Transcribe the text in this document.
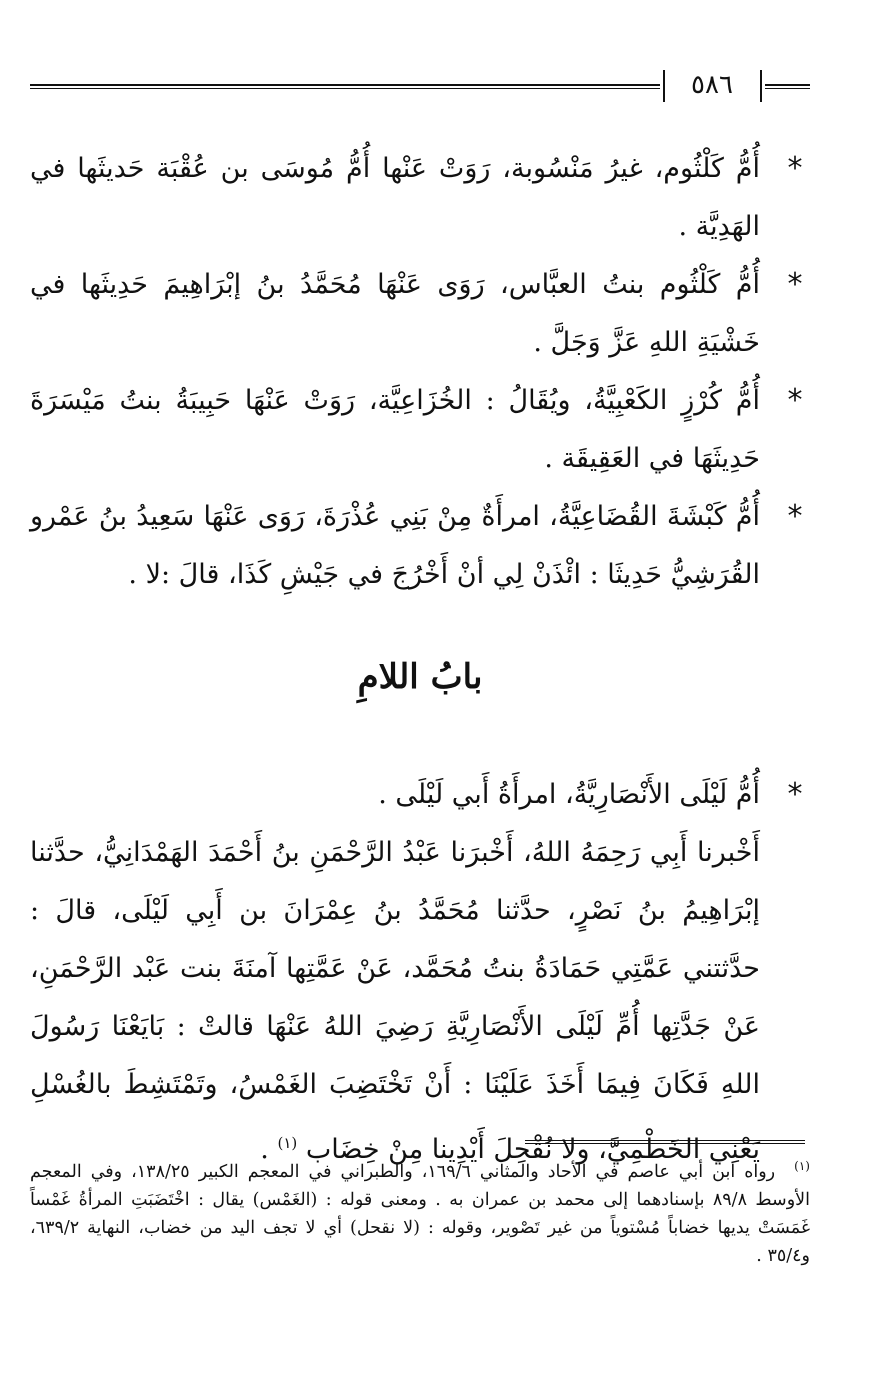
٥٨٦

*
أُمُّ كَلْثُوم، غيرُ مَنْسُوبة، رَوَتْ عَنْها أُمُّ مُوسَى بن عُقْبَة حَديثَها في الهَدِيَّة .

*
أُمُّ كَلْثُوم بنتُ العبَّاس، رَوَى عَنْهَا مُحَمَّدُ بنُ إبْرَاهِيمَ حَدِيثَها في خَشْيَةِ اللهِ عَزَّ وَجَلَّ .

*
أُمُّ كُرْزٍ الكَعْبِيَّةُ، ويُقَالُ : الخُزَاعِيَّة، رَوَتْ عَنْهَا حَبِيبَةُ بنتُ مَيْسَرَةَ حَدِيثَهَا في العَقِيقَة .

*
أُمُّ كَبْشَةَ القُضَاعِيَّةُ، امرأَةٌ مِنْ بَنِي عُذْرَةَ، رَوَى عَنْهَا سَعِيدُ بنُ عَمْرو القُرَشِيُّ حَدِيثَا : ائْذَنْ لِي أنْ أَخْرُجَ في جَيْشِ كَذَا، قالَ :لا .

بابُ اللامِ

*
أُمُّ لَيْلَى الأَنْصَارِيَّةُ، امرأَةُ أَبي لَيْلَى .

أَخْبرنا أَبِي رَحِمَهُ اللهُ، أَخْبرَنا عَبْدُ الرَّحْمَنِ بنُ أَحْمَدَ الهَمْدَانِيُّ، حدَّثنا إبْرَاهِيمُ بنُ نَصْرٍ، حدَّثنا مُحَمَّدُ بنُ عِمْرَانَ بن أَبِي لَيْلَى، قالَ : حدَّثتني عَمَّتِي حَمَادَةُ بنتُ مُحَمَّد، عَنْ عَمَّتِها آمنَةَ بنت عَبْد الرَّحْمَنِ، عَنْ جَدَّتِها أُمِّ لَيْلَى الأَنْصَارِيَّةِ رَضِيَ اللهُ عَنْهَا قالتْ : بَايَعْنَا رَسُولَ اللهِ فَكَانَ فِيمَا أَخَذَ عَلَيْنَا : أَنْ تَخْتَضِبَ الغَمْسُ، وتَمْتَشِطَ بالغُسْلِ يَعْنِي الخَطْمِيَّ، ولا نُقْحِلَ أَيْدِينا مِنْ خِضَاب $^{(١)}$ .

$^{(١)}$ رواه ابن أبي عاصم في الأحاد والمثاني ١٦٩/٦، والطبراني في المعجم الكبير ١٣٨/٢٥، وفي المعجم الأوسط ٨٩/٨ بإسنادهما إلى محمد بن عمران به . ومعنى قوله : (الغَمْس) يقال : اخْتَضَبَتِ المرأةُ غَمْساً غَمَسَتْ يديها خضاباً مُسْتوياً من غير تَصْوير، وقوله : (لا نقحل) أي لا تجف اليد من خضاب، النهاية ٦٣٩/٢، و٣٥/٤ .
